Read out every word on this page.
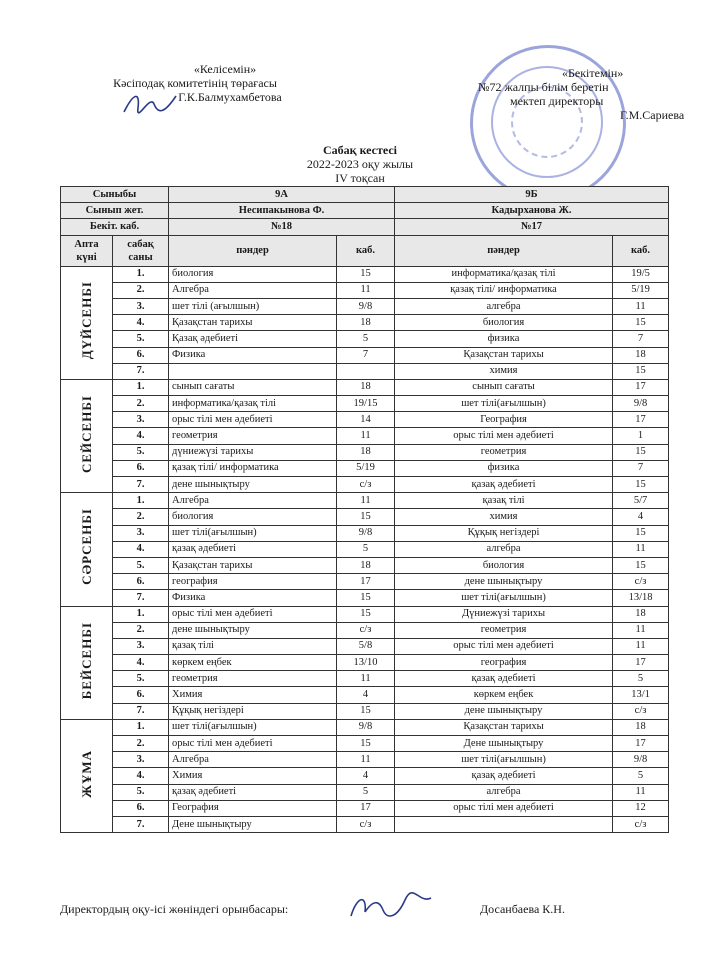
«Келісемін»
Кәсіподақ комитетінің төрағасы
Г.К.Балмухамбетова
«Бекітемін»
№72 жалпы білім беретін
мектеп директоры
Г.М.Сариева
Сабақ кестесі
2022-2023 оқу жылы
IV тоқсан
Сыныбы		9А		9Б	
Сынып жет.		Несипакынова Ф.		Кадырханова Ж.	
Бекіт. каб.		№18		№17	
Апта күні	сабақ саны	пәндер	каб.	пәндер	каб.
ДҮЙСЕНБІ	1.	биология	15	информатика/қазақ тілі	19/5
	2.	Алгебра	11	қазақ тілі/ информатика	5/19
	3.	шет тілі (ағылшын)	9/8	алгебра	11
	4.	Қазақстан тарихы	18	биология	15
	5.	Қазақ әдебиеті	5	физика	7
	6.	Физика	7	Қазақстан тарихы	18
	7.			химия	15
СЕЙСЕНБІ	1.	сынып сағаты	18	сынып сағаты	17
	2.	информатика/қазақ тілі	19/15	шет тілі(ағылшын)	9/8
	3.	орыс тілі мен әдебиеті	14	География	17
	4.	геометрия	11	орыс тілі мен әдебиеті	1
	5.	дүниежүзі тарихы	18	геометрия	15
	6.	қазақ тілі/ информатика	5/19	физика	7
	7.	дене шынықтыру	с/з	қазақ әдебиеті	15
СӘРСЕНБІ	1.	Алгебра	11	қазақ тілі	5/7
	2.	биология	15	химия	4
	3.	шет тілі(ағылшын)	9/8	Құқық негіздері	15
	4.	қазақ әдебиеті	5	алгебра	11
	5.	Қазақстан тарихы	18	биология	15
	6.	география	17	дене шынықтыру	с/з
	7.	Физика	15	шет тілі(ағылшын)	13/18
БЕЙСЕНБІ	1.	орыс тілі мен әдебиеті	15	Дүниежүзі тарихы	18
	2.	дене шынықтыру	с/з	геометрия	11
	3.	қазақ тілі	5/8	орыс тілі мен әдебиеті	11
	4.	көркем еңбек	13/10	география	17
	5.	геометрия	11	қазақ әдебиеті	5
	6.	Химия	4	көркем еңбек	13/1
	7.	Құқық негіздері	15	дене шынықтыру	с/з
ЖҰМА	1.	шет тілі(ағылшын)	9/8	Қазақстан тарихы	18
	2.	орыс тілі мен әдебиеті	15	Дене шынықтыру	17
	3.	Алгебра	11	шет тілі(ағылшын)	9/8
	4.	Химия	4	қазақ әдебиеті	5
	5.	қазақ әдебиеті	5	алгебра	11
	6.	География	17	орыс тілі мен әдебиеті	12
	7.	Дене шынықтыру	с/з		с/з
Директордың оқу-ісі жөніндегі орынбасары:	Досанбаева К.Н.
